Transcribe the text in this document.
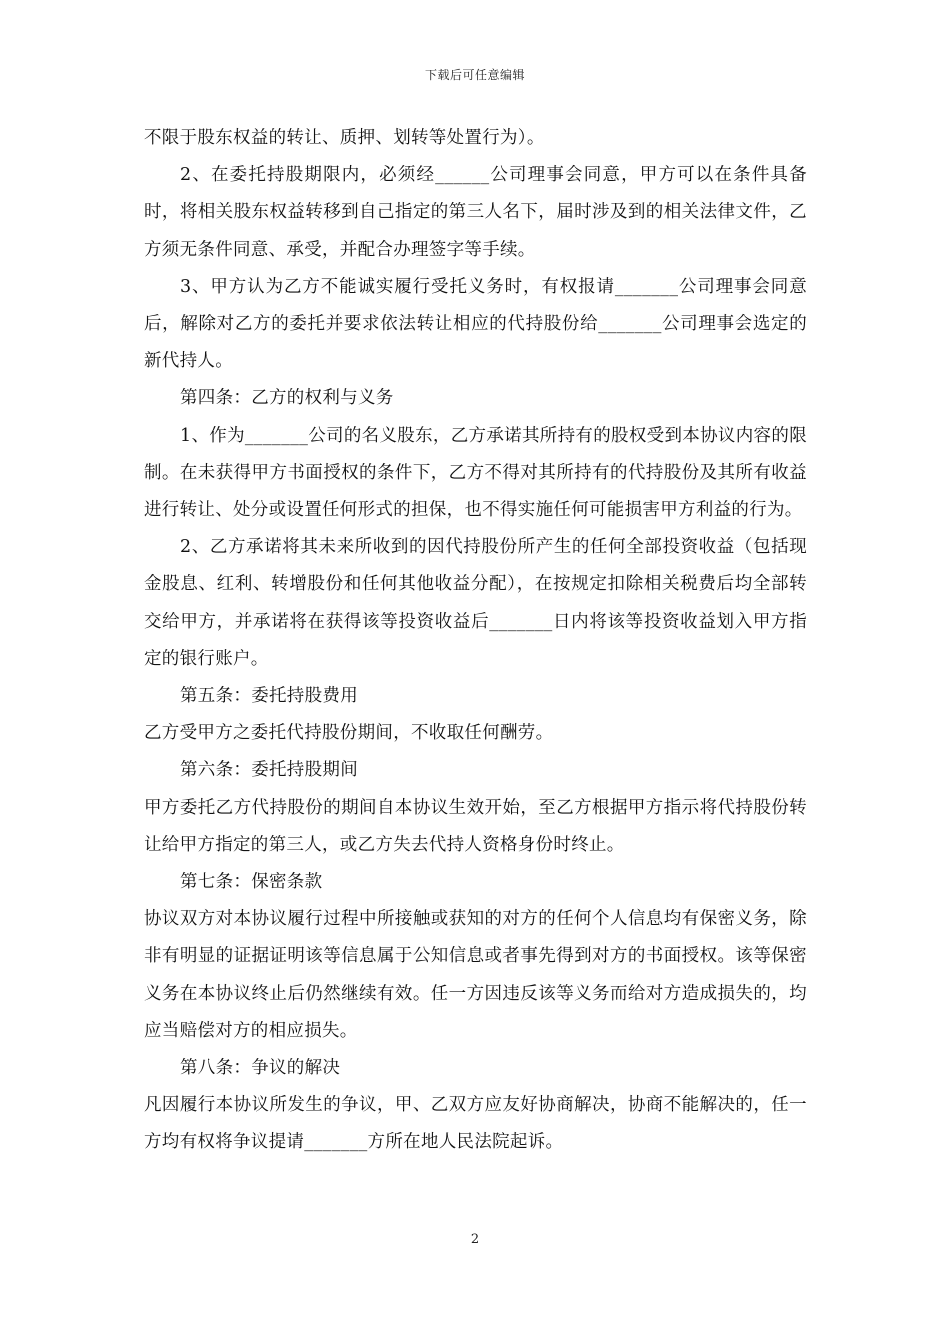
下载后可任意编辑

不限于股东权益的转让、质押、划转等处置行为）。

2、在委托持股期限内，必须经______公司理事会同意，甲方可以在条件具备时，将相关股东权益转移到自己指定的第三人名下，届时涉及到的相关法律文件，乙方须无条件同意、承受，并配合办理签字等手续。

3、甲方认为乙方不能诚实履行受托义务时，有权报请_______公司理事会同意后，解除对乙方的委托并要求依法转让相应的代持股份给_______公司理事会选定的新代持人。

第四条：乙方的权利与义务

1、作为_______公司的名义股东，乙方承诺其所持有的股权受到本协议内容的限制。在未获得甲方书面授权的条件下，乙方不得对其所持有的代持股份及其所有收益进行转让、处分或设置任何形式的担保，也不得实施任何可能损害甲方利益的行为。

2、乙方承诺将其未来所收到的因代持股份所产生的任何全部投资收益（包括现金股息、红利、转增股份和任何其他收益分配），在按规定扣除相关税费后均全部转交给甲方，并承诺将在获得该等投资收益后_______日内将该等投资收益划入甲方指定的银行账户。

第五条：委托持股费用

乙方受甲方之委托代持股份期间，不收取任何酬劳。

第六条：委托持股期间

甲方委托乙方代持股份的期间自本协议生效开始，至乙方根据甲方指示将代持股份转让给甲方指定的第三人，或乙方失去代持人资格身份时终止。

第七条：保密条款

协议双方对本协议履行过程中所接触或获知的对方的任何个人信息均有保密义务，除非有明显的证据证明该等信息属于公知信息或者事先得到对方的书面授权。该等保密义务在本协议终止后仍然继续有效。任一方因违反该等义务而给对方造成损失的，均应当赔偿对方的相应损失。

第八条：争议的解决

凡因履行本协议所发生的争议，甲、乙双方应友好协商解决，协商不能解决的，任一方均有权将争议提请_______方所在地人民法院起诉。

2
